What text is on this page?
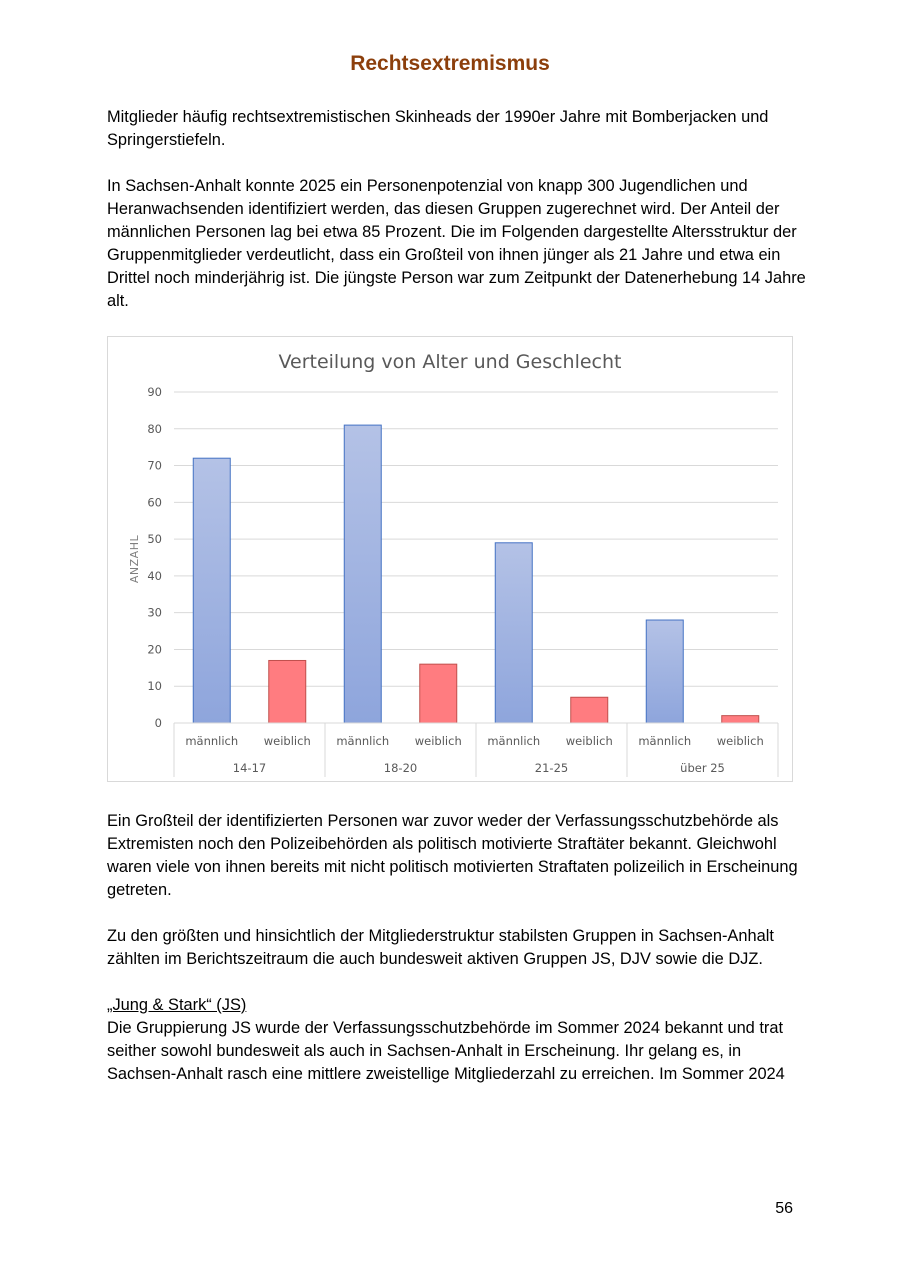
Rechtsextremismus

Mitglieder häufig rechtsextremistischen Skinheads der 1990er Jahre mit Bomberjacken und Springerstiefeln.

In Sachsen-Anhalt konnte 2025 ein Personenpotenzial von knapp 300 Jugendlichen und Heranwachsenden identifiziert werden, das diesen Gruppen zugerechnet wird. Der Anteil der männlichen Personen lag bei etwa 85 Prozent. Die im Folgenden dargestellte Altersstruktur der Gruppenmitglieder verdeutlicht, dass ein Großteil von ihnen jünger als 21 Jahre und etwa ein Drittel noch minderjährig ist. Die jüngste Person war zum Zeitpunkt der Datenerhebung 14 Jahre alt.

Verteilung von Alter und Geschlecht
ANZAHL
0
10
20
30
40
50
60
70
80
90
männlich weiblich
14-17
männlich weiblich
18-20
männlich weiblich
21-25
männlich weiblich
über 25

Ein Großteil der identifizierten Personen war zuvor weder der Verfassungsschutzbehörde als Extremisten noch den Polizeibehörden als politisch motivierte Straftäter bekannt. Gleichwohl waren viele von ihnen bereits mit nicht politisch motivierten Straftaten polizeilich in Erscheinung getreten.

Zu den größten und hinsichtlich der Mitgliederstruktur stabilsten Gruppen in Sachsen-Anhalt zählten im Berichtszeitraum die auch bundesweit aktiven Gruppen JS, DJV sowie die DJZ.

„Jung & Stark“ (JS)

Die Gruppierung JS wurde der Verfassungsschutzbehörde im Sommer 2024 bekannt und trat seither sowohl bundesweit als auch in Sachsen-Anhalt in Erscheinung. Ihr gelang es, in Sachsen-Anhalt rasch eine mittlere zweistellige Mitgliederzahl zu erreichen. Im Sommer 2024

56
